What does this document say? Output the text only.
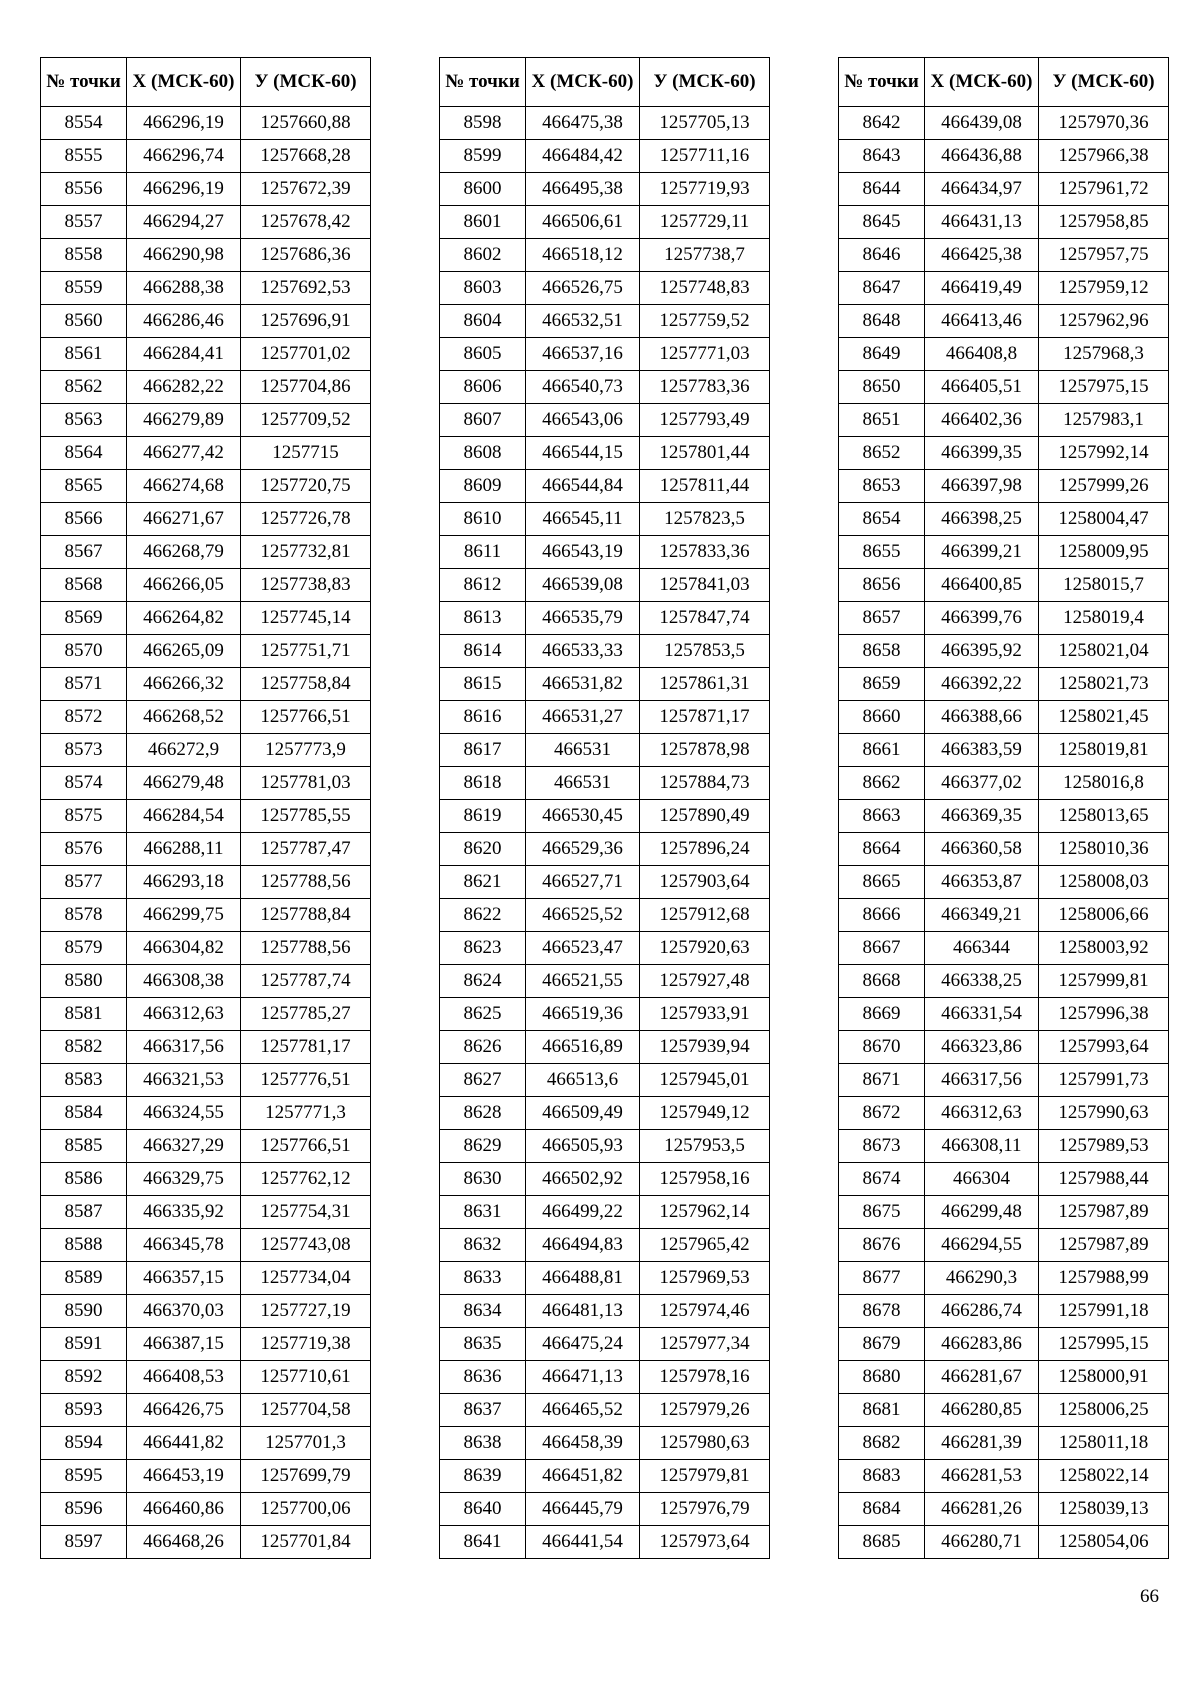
№ точки	Х (МСК-60)	У (МСК-60)
8554	466296,19	1257660,88
8555	466296,74	1257668,28
8556	466296,19	1257672,39
8557	466294,27	1257678,42
8558	466290,98	1257686,36
8559	466288,38	1257692,53
8560	466286,46	1257696,91
8561	466284,41	1257701,02
8562	466282,22	1257704,86
8563	466279,89	1257709,52
8564	466277,42	1257715
8565	466274,68	1257720,75
8566	466271,67	1257726,78
8567	466268,79	1257732,81
8568	466266,05	1257738,83
8569	466264,82	1257745,14
8570	466265,09	1257751,71
8571	466266,32	1257758,84
8572	466268,52	1257766,51
8573	466272,9	1257773,9
8574	466279,48	1257781,03
8575	466284,54	1257785,55
8576	466288,11	1257787,47
8577	466293,18	1257788,56
8578	466299,75	1257788,84
8579	466304,82	1257788,56
8580	466308,38	1257787,74
8581	466312,63	1257785,27
8582	466317,56	1257781,17
8583	466321,53	1257776,51
8584	466324,55	1257771,3
8585	466327,29	1257766,51
8586	466329,75	1257762,12
8587	466335,92	1257754,31
8588	466345,78	1257743,08
8589	466357,15	1257734,04
8590	466370,03	1257727,19
8591	466387,15	1257719,38
8592	466408,53	1257710,61
8593	466426,75	1257704,58
8594	466441,82	1257701,3
8595	466453,19	1257699,79
8596	466460,86	1257700,06
8597	466468,26	1257701,84
№ точки	Х (МСК-60)	У (МСК-60)
8598	466475,38	1257705,13
8599	466484,42	1257711,16
8600	466495,38	1257719,93
8601	466506,61	1257729,11
8602	466518,12	1257738,7
8603	466526,75	1257748,83
8604	466532,51	1257759,52
8605	466537,16	1257771,03
8606	466540,73	1257783,36
8607	466543,06	1257793,49
8608	466544,15	1257801,44
8609	466544,84	1257811,44
8610	466545,11	1257823,5
8611	466543,19	1257833,36
8612	466539,08	1257841,03
8613	466535,79	1257847,74
8614	466533,33	1257853,5
8615	466531,82	1257861,31
8616	466531,27	1257871,17
8617	466531	1257878,98
8618	466531	1257884,73
8619	466530,45	1257890,49
8620	466529,36	1257896,24
8621	466527,71	1257903,64
8622	466525,52	1257912,68
8623	466523,47	1257920,63
8624	466521,55	1257927,48
8625	466519,36	1257933,91
8626	466516,89	1257939,94
8627	466513,6	1257945,01
8628	466509,49	1257949,12
8629	466505,93	1257953,5
8630	466502,92	1257958,16
8631	466499,22	1257962,14
8632	466494,83	1257965,42
8633	466488,81	1257969,53
8634	466481,13	1257974,46
8635	466475,24	1257977,34
8636	466471,13	1257978,16
8637	466465,52	1257979,26
8638	466458,39	1257980,63
8639	466451,82	1257979,81
8640	466445,79	1257976,79
8641	466441,54	1257973,64
№ точки	Х (МСК-60)	У (МСК-60)
8642	466439,08	1257970,36
8643	466436,88	1257966,38
8644	466434,97	1257961,72
8645	466431,13	1257958,85
8646	466425,38	1257957,75
8647	466419,49	1257959,12
8648	466413,46	1257962,96
8649	466408,8	1257968,3
8650	466405,51	1257975,15
8651	466402,36	1257983,1
8652	466399,35	1257992,14
8653	466397,98	1257999,26
8654	466398,25	1258004,47
8655	466399,21	1258009,95
8656	466400,85	1258015,7
8657	466399,76	1258019,4
8658	466395,92	1258021,04
8659	466392,22	1258021,73
8660	466388,66	1258021,45
8661	466383,59	1258019,81
8662	466377,02	1258016,8
8663	466369,35	1258013,65
8664	466360,58	1258010,36
8665	466353,87	1258008,03
8666	466349,21	1258006,66
8667	466344	1258003,92
8668	466338,25	1257999,81
8669	466331,54	1257996,38
8670	466323,86	1257993,64
8671	466317,56	1257991,73
8672	466312,63	1257990,63
8673	466308,11	1257989,53
8674	466304	1257988,44
8675	466299,48	1257987,89
8676	466294,55	1257987,89
8677	466290,3	1257988,99
8678	466286,74	1257991,18
8679	466283,86	1257995,15
8680	466281,67	1258000,91
8681	466280,85	1258006,25
8682	466281,39	1258011,18
8683	466281,53	1258022,14
8684	466281,26	1258039,13
8685	466280,71	1258054,06
66
